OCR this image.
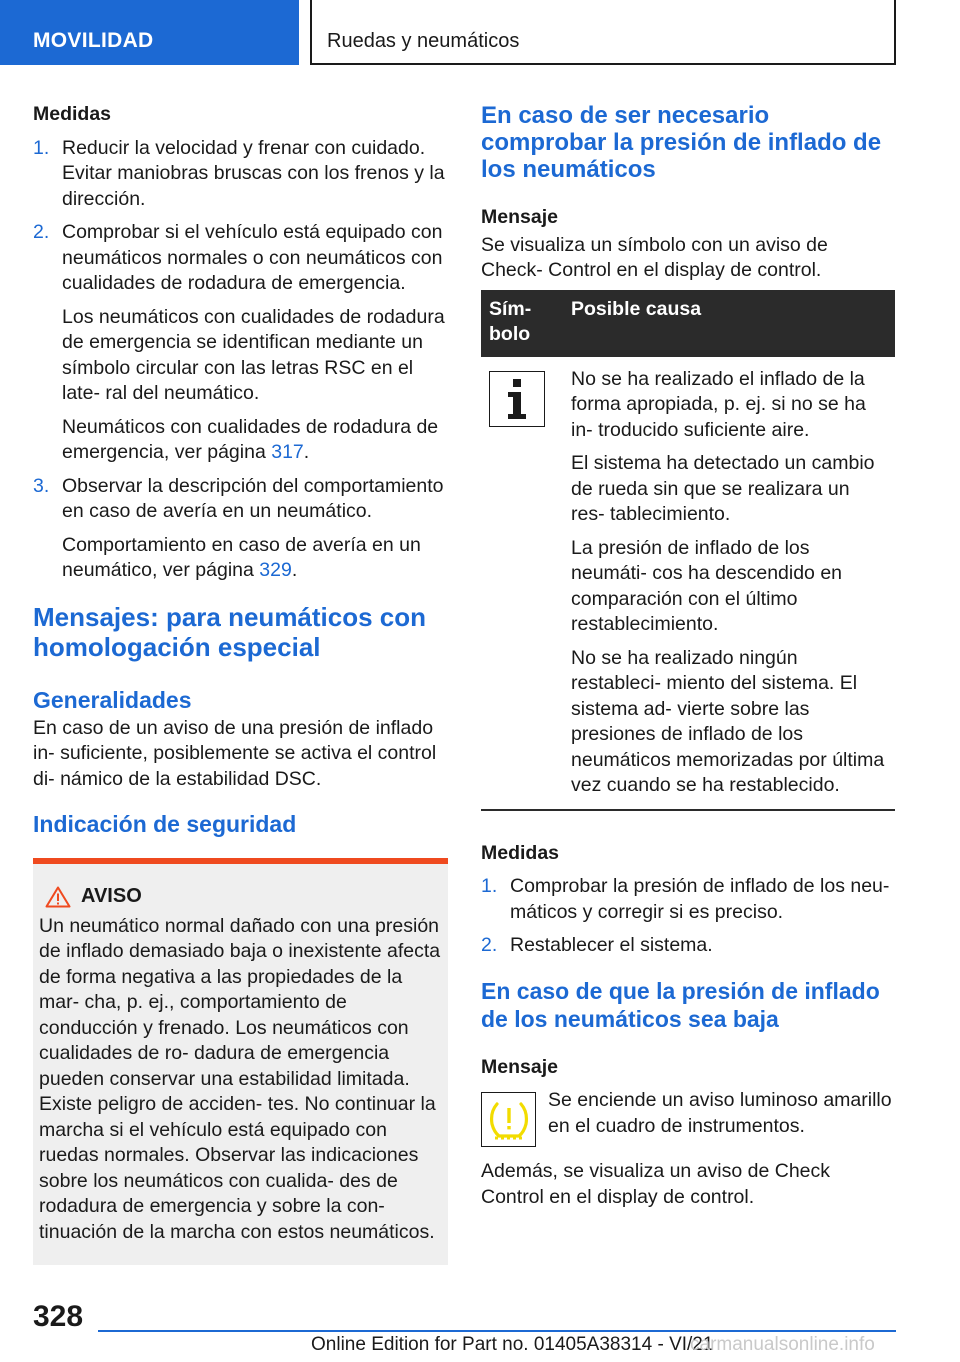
MOVILIDAD	Ruedas y neumáticos
Medidas
1. Reducir la velocidad y frenar con cuidado. Evitar maniobras bruscas con los frenos y la dirección.

2. Comprobar si el vehículo está equipado con neumáticos normales o con neumáticos con cualidades de rodadura de emergencia.

Los neumáticos con cualidades de rodadura de emergencia se identifican mediante un símbolo circular con las letras RSC en el late‐ ral del neumático.

Neumáticos con cualidades de rodadura de emergencia, ver página 317.

3. Observar la descripción del comportamiento en caso de avería en un neumático.

Comportamiento en caso de avería en un neumático, ver página 329.

Mensajes: para neumáticos con homologación especial
Generalidades

En caso de un aviso de una presión de inflado in‐ suficiente, posiblemente se activa el control di‐ námico de la estabilidad DSC.

Indicación de seguridad
AVISO

Un neumático normal dañado con una presión de inflado demasiado baja o inexistente afecta de forma negativa a las propiedades de la mar‐ cha, p. ej., comportamiento de conducción y frenado. Los neumáticos con cualidades de ro‐ dadura de emergencia pueden conservar una estabilidad limitada. Existe peligro de acciden‐ tes. No continuar la marcha si el vehículo está equipado con ruedas normales. Observar las indicaciones sobre los neumáticos con cualida‐ des de rodadura de emergencia y sobre la con‐ tinuación de la marcha con estos neumáticos.

En caso de ser necesario comprobar la presión de inflado de los neumáticos
Mensaje

Se visualiza un símbolo con un aviso de Check- Control en el display de control.

Sím‐ bolo	Posible causa

No se ha realizado el inflado de la forma apropiada, p. ej. si no se ha in‐ troducido suficiente aire.

El sistema ha detectado un cambio de rueda sin que se realizara un res‐ tablecimiento.

La presión de inflado de los neumáti‐ cos ha descendido en comparación con el último restablecimiento.

No se ha realizado ningún restableci‐ miento del sistema. El sistema ad‐ vierte sobre las presiones de inflado de los neumáticos memorizadas por última vez cuando se ha restablecido.

Medidas
1. Comprobar la presión de inflado de los neu‐ máticos y corregir si es preciso.

2. Restablecer el sistema.

En caso de que la presión de inflado de los neumáticos sea baja
Mensaje

Se enciende un aviso luminoso amarillo en el cuadro de instrumentos.

Además, se visualiza un aviso de Check Control en el display de control.

328
Online Edition for Part no. 01405A38314 - VI/21
carmanualsonline.info
